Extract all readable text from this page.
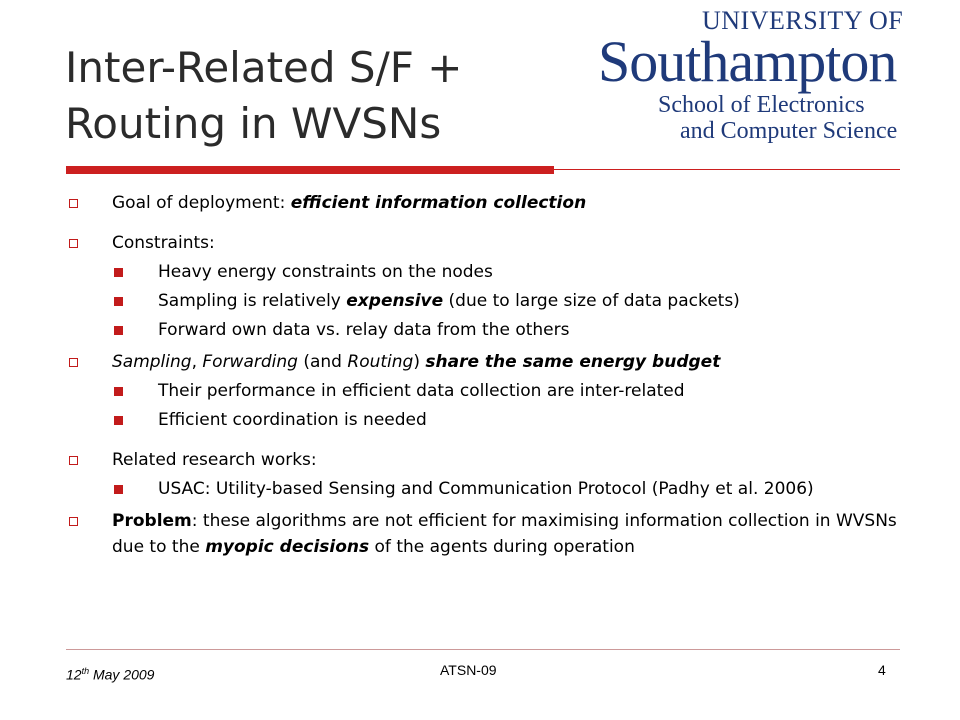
Inter-Related S/F +
Routing in WVSNs
UNIVERSITY OF
Southampton
School of Electronics
and Computer Science
Goal of deployment: efficient information collection
Constraints:
Heavy energy constraints on the nodes
Sampling is relatively expensive (due to large size of data packets)
Forward own data vs. relay data from the others
Sampling, Forwarding (and Routing) share the same energy budget
Their performance in efficient data collection are inter-related
Efficient coordination is needed
Related research works:
USAC: Utility-based Sensing and Communication Protocol (Padhy et al. 2006)
Problem: these algorithms are not efficient for maximising information collection in WVSNs due to the myopic decisions of the agents during operation
12th May 2009	ATSN-09	4
